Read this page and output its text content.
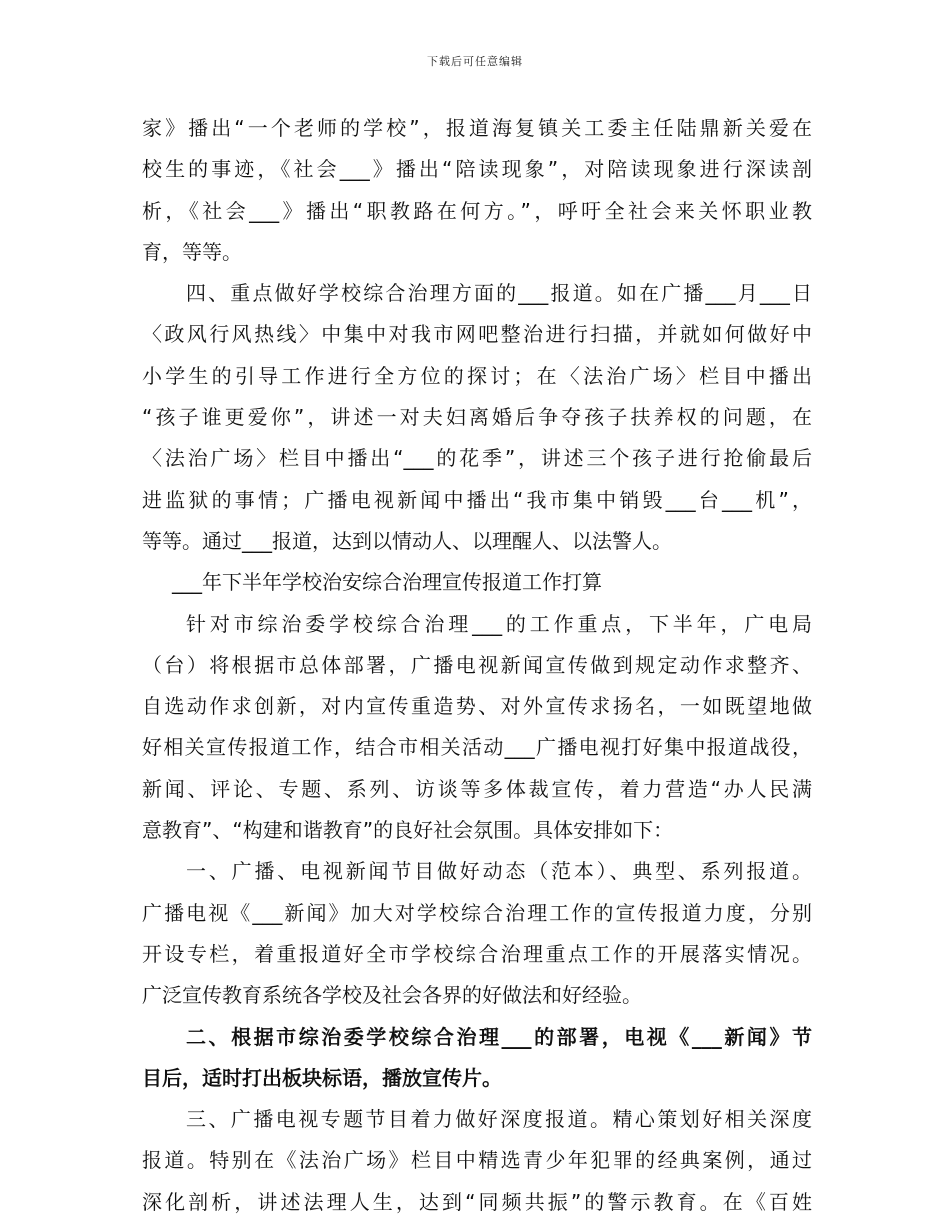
下载后可任意编辑
家》播出“一个老师的学校”，报道海复镇关工委主任陆鼎新关爱在
校生的事迹，《社会___》播出“陪读现象”，对陪读现象进行深读剖
析，《社会___》播出“职教路在何方。”，呼吁全社会来关怀职业教
育，等等。
四、重点做好学校综合治理方面的___报道。如在广播___月___日
〈政风行风热线〉中集中对我市网吧整治进行扫描，并就如何做好中
小学生的引导工作进行全方位的探讨；在〈法治广场〉栏目中播出
“孩子谁更爱你”，讲述一对夫妇离婚后争夺孩子扶养权的问题，在
〈法治广场〉栏目中播出“___的花季”，讲述三个孩子进行抢偷最后
进监狱的事情；广播电视新闻中播出“我市集中销毁___台___机”，
等等。通过___报道，达到以情动人、以理醒人、以法警人。
___年下半年学校治安综合治理宣传报道工作打算
针对市综治委学校综合治理___的工作重点，下半年，广电局
（台）将根据市总体部署，广播电视新闻宣传做到规定动作求整齐、
自选动作求创新，对内宣传重造势、对外宣传求扬名，一如既望地做
好相关宣传报道工作，结合市相关活动___广播电视打好集中报道战役，
新闻、评论、专题、系列、访谈等多体裁宣传，着力营造“办人民满
意教育”、“构建和谐教育”的良好社会氛围。具体安排如下：
一、广播、电视新闻节目做好动态（范本）、典型、系列报道。
广播电视《___新闻》加大对学校综合治理工作的宣传报道力度，分别
开设专栏，着重报道好全市学校综合治理重点工作的开展落实情况。
广泛宣传教育系统各学校及社会各界的好做法和好经验。
二、根据市综治委学校综合治理___的部署，电视《___新闻》节
目后，适时打出板块标语，播放宣传片。
三、广播电视专题节目着力做好深度报道。精心策划好相关深度
报道。特别在《法治广场》栏目中精选青少年犯罪的经典案例，通过
深化剖析，讲述法理人生，达到“同频共振”的警示教育。在《百姓
